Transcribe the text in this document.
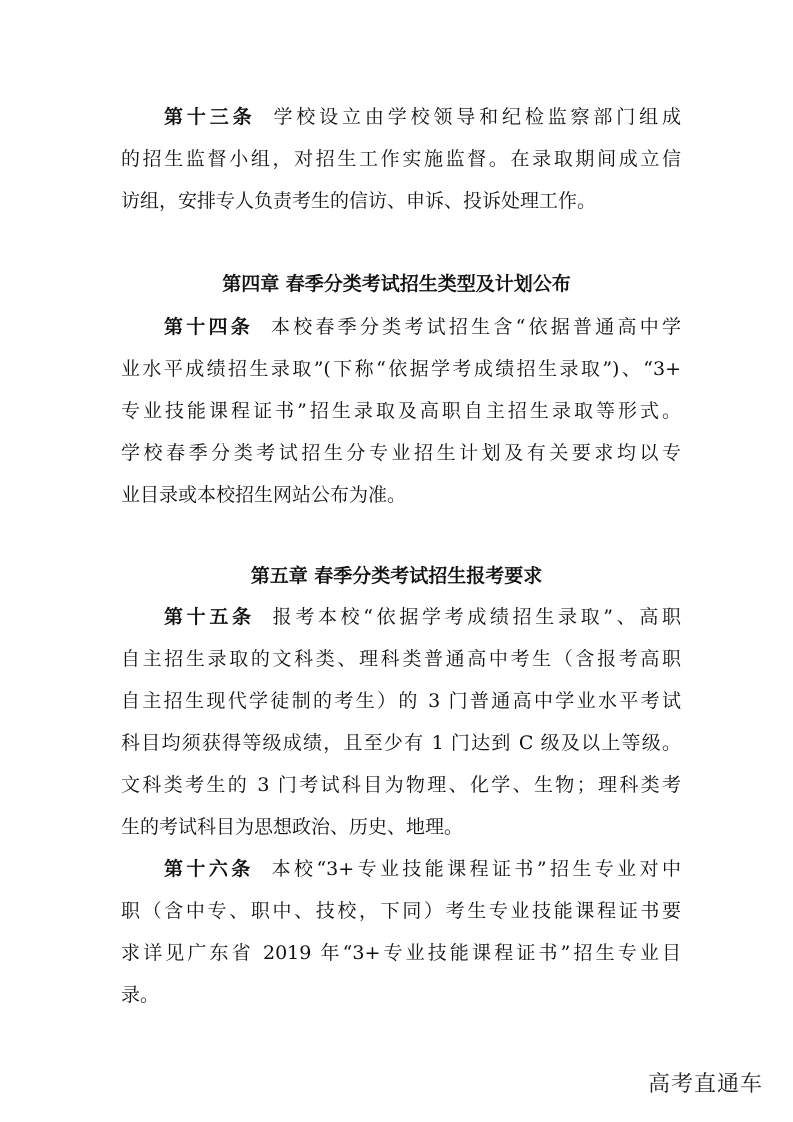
第十三条 学校设立由学校领导和纪检监察部门组成
的招生监督小组，对招生工作实施监督。在录取期间成立信
访组，安排专人负责考生的信访、申诉、投诉处理工作。
第四章 春季分类考试招生类型及计划公布
第十四条 本校春季分类考试招生含“依据普通高中学
业水平成绩招生录取”(下称“依据学考成绩招生录取”)、“3+
专业技能课程证书”招生录取及高职自主招生录取等形式。
学校春季分类考试招生分专业招生计划及有关要求均以专
业目录或本校招生网站公布为准。
第五章 春季分类考试招生报考要求
第十五条 报考本校“依据学考成绩招生录取”、高职
自主招生录取的文科类、理科类普通高中考生（含报考高职
自主招生现代学徒制的考生）的 3 门普通高中学业水平考试
科目均须获得等级成绩，且至少有 1 门达到 C 级及以上等级。
文科类考生的 3 门考试科目为物理、化学、生物；理科类考
生的考试科目为思想政治、历史、地理。
第十六条 本校“3+专业技能课程证书”招生专业对中
职（含中专、职中、技校，下同）考生专业技能课程证书要
求详见广东省 2019 年“3+专业技能课程证书”招生专业目
录。
高考直通车
